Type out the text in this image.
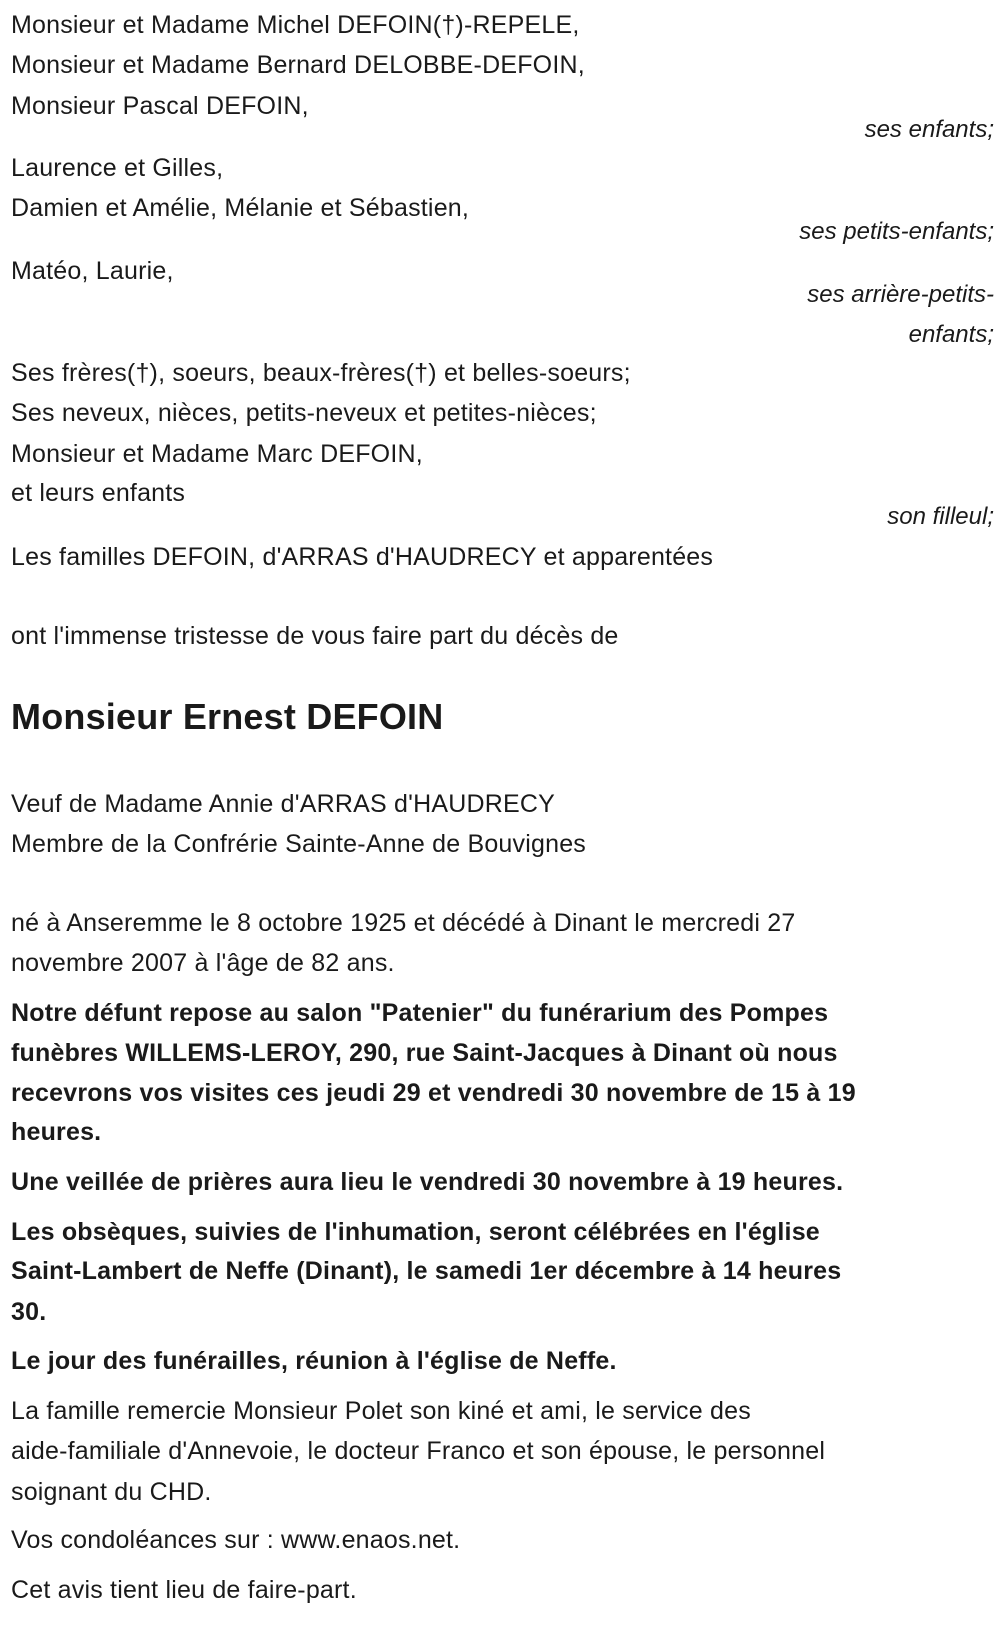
Monsieur et Madame Michel DEFOIN(†)-REPELE,
Monsieur et Madame Bernard DELOBBE-DEFOIN,
Monsieur Pascal DEFOIN,
ses enfants;
Laurence et Gilles,
Damien et Amélie, Mélanie et Sébastien,
ses petits-enfants;
Matéo, Laurie,
ses arrière-petits-
enfants;
Ses frères(†), soeurs, beaux-frères(†) et belles-soeurs;
Ses neveux, nièces, petits-neveux et petites-nièces;
Monsieur et Madame Marc DEFOIN,
et leurs enfants
son filleul;
Les familles DEFOIN, d'ARRAS d'HAUDRECY et apparentées
ont l'immense tristesse de vous faire part du décès de
Monsieur Ernest DEFOIN
Veuf de Madame Annie d'ARRAS d'HAUDRECY
Membre de la Confrérie Sainte-Anne de Bouvignes
né à Anseremme le 8 octobre 1925 et décédé à Dinant le mercredi 27
novembre 2007 à l'âge de 82 ans.
Notre défunt repose au salon "Patenier" du funérarium des Pompes
funèbres WILLEMS-LEROY, 290, rue Saint-Jacques à Dinant où nous
recevrons vos visites ces jeudi 29 et vendredi 30 novembre de 15 à 19
heures.
Une veillée de prières aura lieu le vendredi 30 novembre à 19 heures.
Les obsèques, suivies de l'inhumation, seront célébrées en l'église
Saint-Lambert de Neffe (Dinant), le samedi 1er décembre à 14 heures
30.
Le jour des funérailles, réunion à l'église de Neffe.
La famille remercie Monsieur Polet son kiné et ami, le service des
aide-familiale d'Annevoie, le docteur Franco et son épouse, le personnel
soignant du CHD.
Vos condoléances sur : www.enaos.net.
Cet avis tient lieu de faire-part.
